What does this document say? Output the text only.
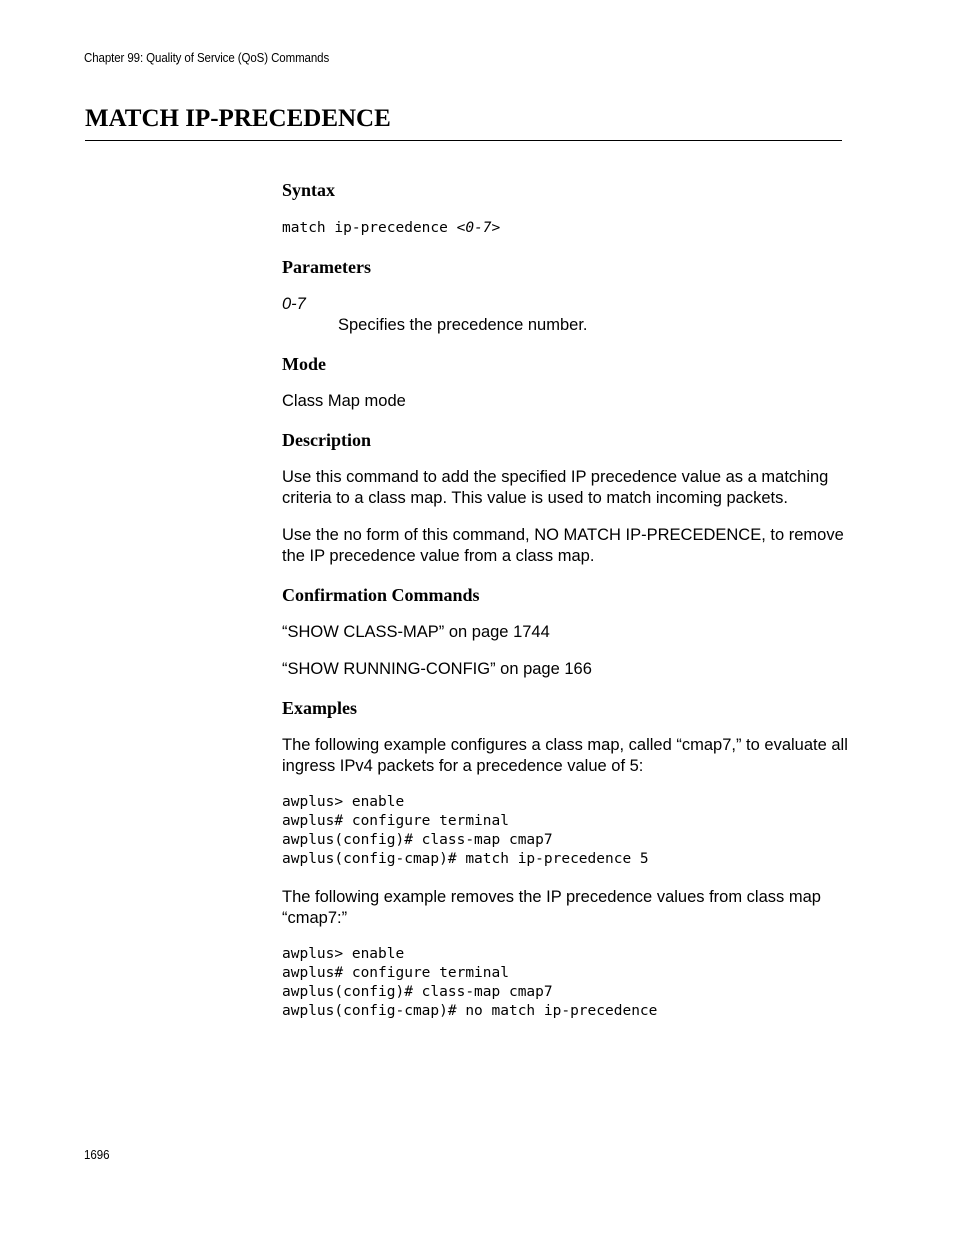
Chapter 99: Quality of Service (QoS) Commands
MATCH IP-PRECEDENCE
Syntax
match ip-precedence <0-7>
Parameters
0-7
Specifies the precedence number.
Mode
Class Map mode
Description
Use this command to add the specified IP precedence value as a matching criteria to a class map. This value is used to match incoming packets.
Use the no form of this command, NO MATCH IP-PRECEDENCE, to remove the IP precedence value from a class map.
Confirmation Commands
“SHOW CLASS-MAP” on page 1744
“SHOW RUNNING-CONFIG” on page 166
Examples
The following example configures a class map, called “cmap7,” to evaluate all ingress IPv4 packets for a precedence value of 5:
awplus> enable
awplus# configure terminal
awplus(config)# class-map cmap7
awplus(config-cmap)# match ip-precedence 5
The following example removes the IP precedence values from class map “cmap7:”
awplus> enable
awplus# configure terminal
awplus(config)# class-map cmap7
awplus(config-cmap)# no match ip-precedence
1696
